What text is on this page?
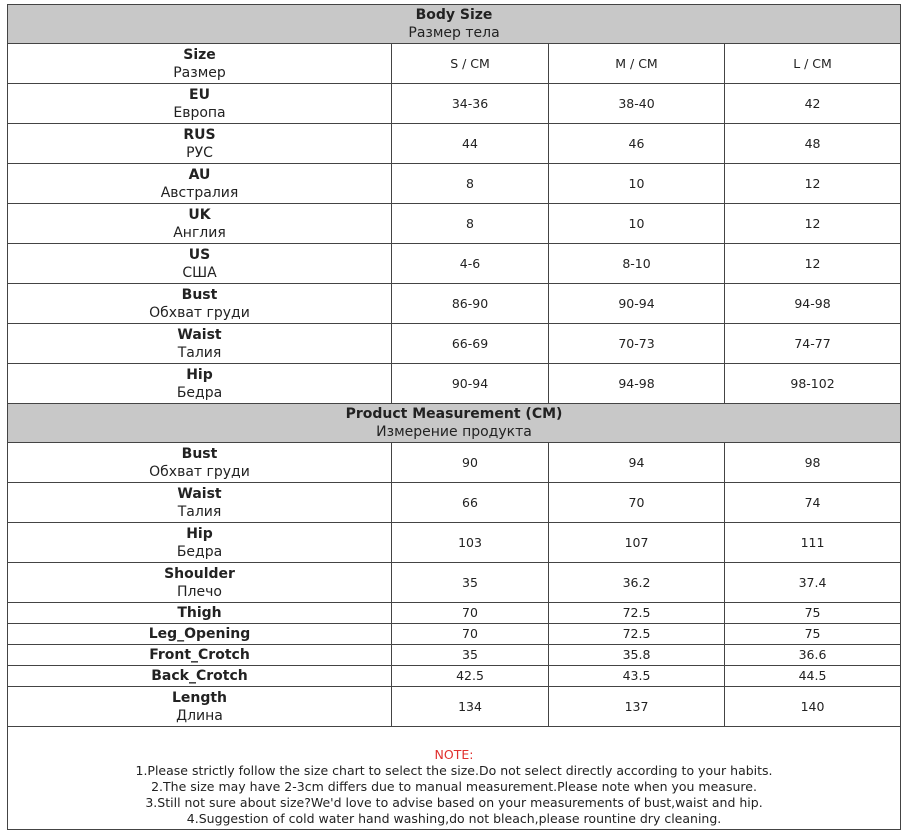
Body Size
Размер тела			

Size
Размер	S / CM	M / CM	L / CM

EU
Европа	34-36	38-40	42

RUS
РУС	44	46	48

AU
Австралия	8	10	12

UK
Англия	8	10	12

US
США	4-6	8-10	12

Bust
Обхват груди	86-90	90-94	94-98

Waist
Талия	66-69	70-73	74-77

Hip
Бедра	90-94	94-98	98-102

Product Measurement (CM)
Измерение продукта			

Bust
Обхват груди	90	94	98

Waist
Талия	66	70	74

Hip
Бедра	103	107	111

Shoulder
Плечо	35	36.2	37.4

Thigh	70	72.5	75

Leg_Opening	70	72.5	75

Front_Crotch	35	35.8	36.6

Back_Crotch	42.5	43.5	44.5

Length
Длина	134	137	140

NOTE:
1.Please strictly follow the size chart to select the size.Do not select directly according to your habits.
2.The size may have 2-3cm differs due to manual measurement.Please note when you measure.
3.Still not sure about size?We'd love to advise based on your measurements of bust,waist and hip.
4.Suggestion of cold water hand washing,do not bleach,please rountine dry cleaning.			
